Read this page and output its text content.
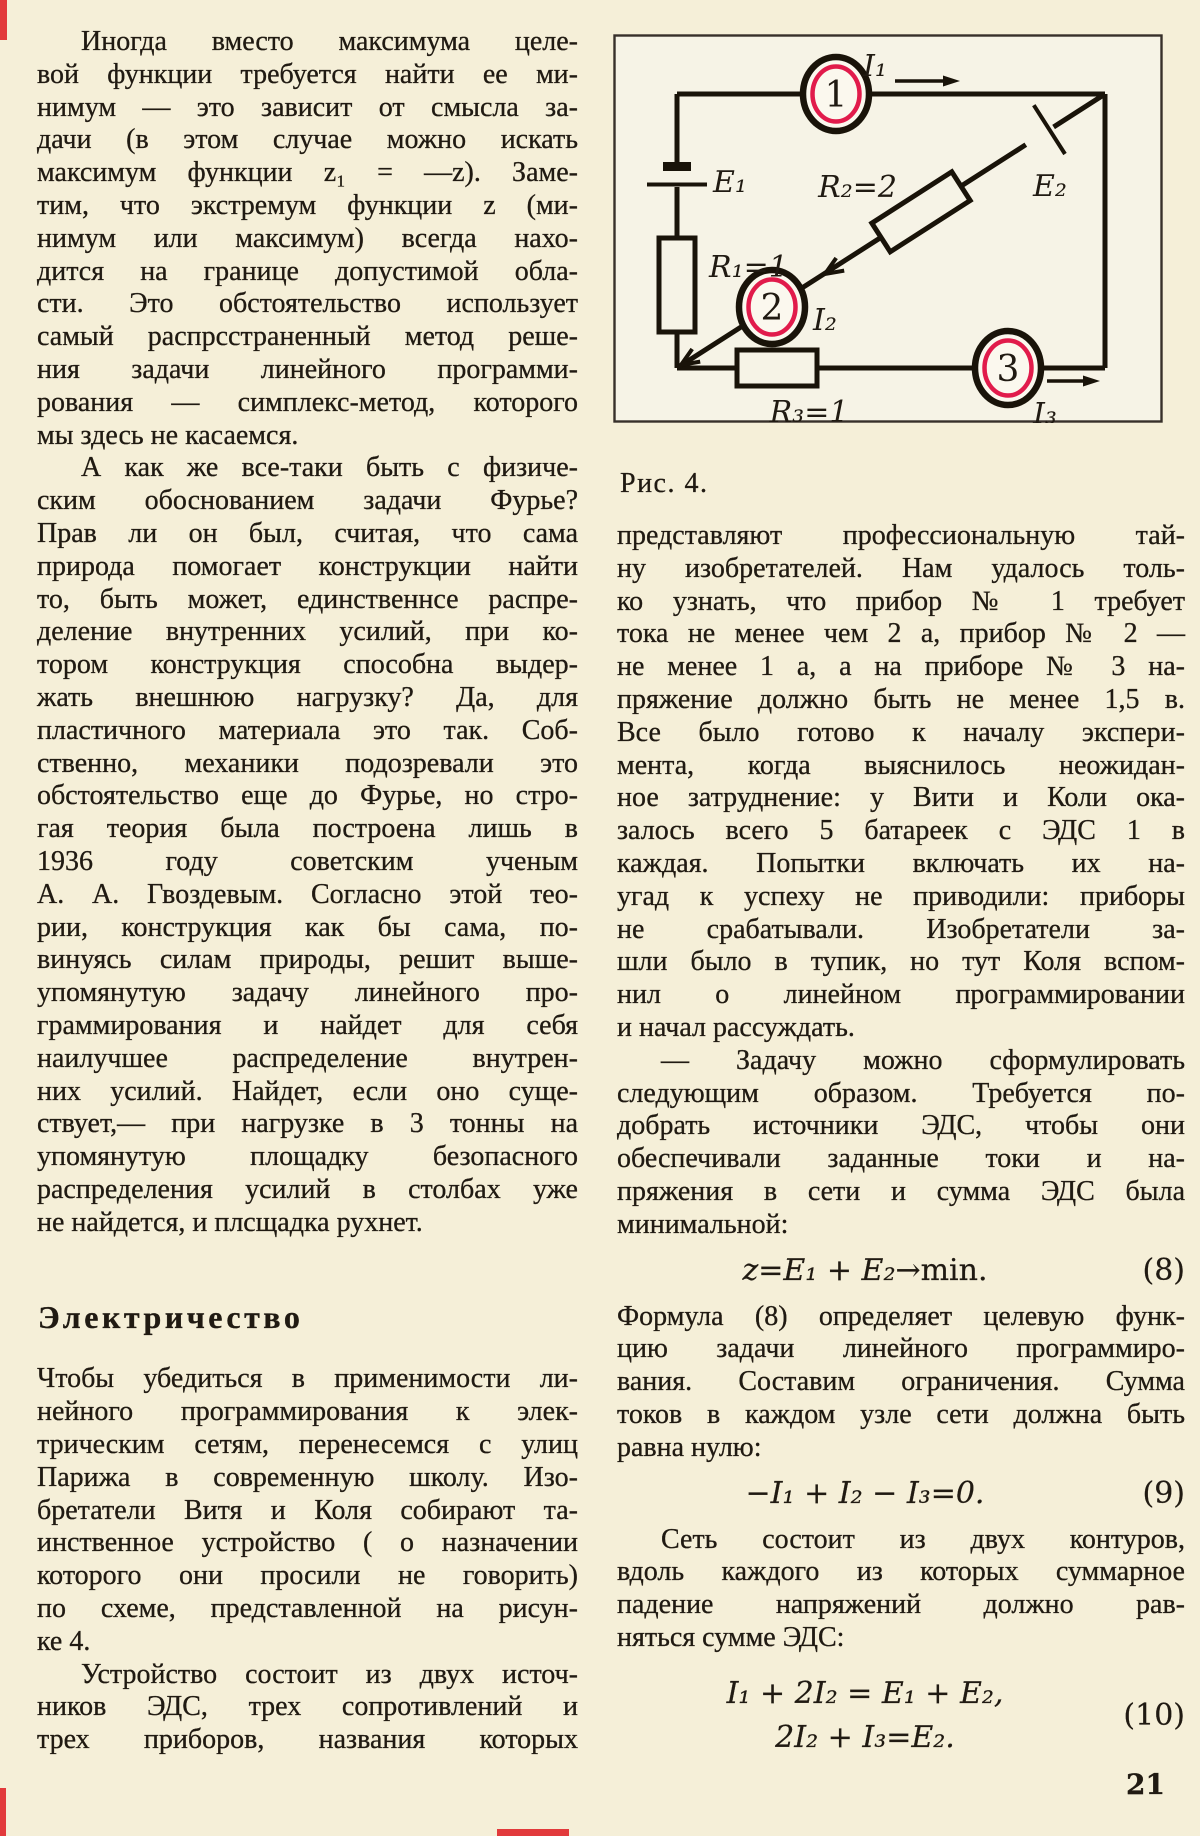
Иногда вместо максимума целе-
вой функции требуется найти ее ми-
нимум — это зависит от смысла за-
дачи (в этом случае можно искать
максимум функции z₁ = —z). Заме-
тим, что экстремум функции z (ми-
нимум или максимум) всегда нахо-
дится на границе допустимой обла-
сти. Это обстоятельство использует
самый распрсстраненный метод реше-
ния задачи линейного программи-
рования — симплекс-метод, которого
мы здесь не касаемся.
А как же все-таки быть с физиче-
ским обоснованием задачи Фурье?
Прав ли он был, считая, что сама
природа помогает конструкции найти
то, быть может, единственнсе распре-
деление внутренних усилий, при ко-
тором конструкция способна выдер-
жать внешнюю нагрузку? Да, для
пластичного материала это так. Соб-
ственно, механики подозревали это
обстоятельство еще до Фурье, но стро-
гая теория была построена лишь в
1936 году советским ученым
А. А. Гвоздевым. Согласно этой тео-
рии, конструкция как бы сама, по-
винуясь силам природы, решит выше-
упомянутую задачу линейного про-
граммирования и найдет для себя
наилучшее распределение внутрен-
них усилий. Найдет, если оно суще-
ствует,— при нагрузке в 3 тонны на
упомянутую площадку безопасного
распределения усилий в столбах уже
не найдется, и плсщадка рухнет.
Электричество
Чтобы убедиться в применимости ли-
нейного программирования к элек-
трическим сетям, перенесемся с улиц
Парижа в современную школу. Изо-
бретатели Витя и Коля собирают та-
инственное устройство ( о назначении
которого они просили не говорить)
по схеме, представленной на рисун-
ке 4.
Устройство состоит из двух источ-
ников ЭДС, трех сопротивлений и
трех приборов, названия которых
1
2
3
I₁
E₁
R₁=1
R₂=2	E₂
I₂
R₃=1	I₃
Рис. 4.
представляют профессиональную тай-
ну изобретателей. Нам удалось толь-
ко узнать, что прибор № 1 требует
тока не менее чем 2 а, прибор № 2 —
не менее 1 а, а на приборе № 3 на-
пряжение должно быть не менее 1,5 в.
Все было готово к началу экспери-
мента, когда выяснилось неожидан-
ное затруднение: у Вити и Коли ока-
залось всего 5 батареек с ЭДС 1 в
каждая. Попытки включать их на-
угад к успеху не приводили: приборы
не срабатывали. Изобретатели за-
шли было в тупик, но тут Коля вспом-
нил о линейном программировании
и начал рассуждать.
— Задачу можно сформулировать
следующим образом. Требуется по-
добрать источники ЭДС, чтобы они
обеспечивали заданные токи и на-
пряжения в сети и сумма ЭДС была
минимальной:
z=E₁ + E₂→min.	(8)
Формула (8) определяет целевую функ-
цию задачи линейного программиро-
вания. Составим ограничения. Сумма
токов в каждом узле сети должна быть
равна нулю:
−I₁ + I₂ − I₃=0.	(9)
Сеть состоит из двух контуров,
вдоль каждого из которых суммарное
падение напряжений должно рав-
няться сумме ЭДС:
I₁ + 2I₂ = E₁ + E₂,
2I₂ + I₃=E₂.
(10)
21
